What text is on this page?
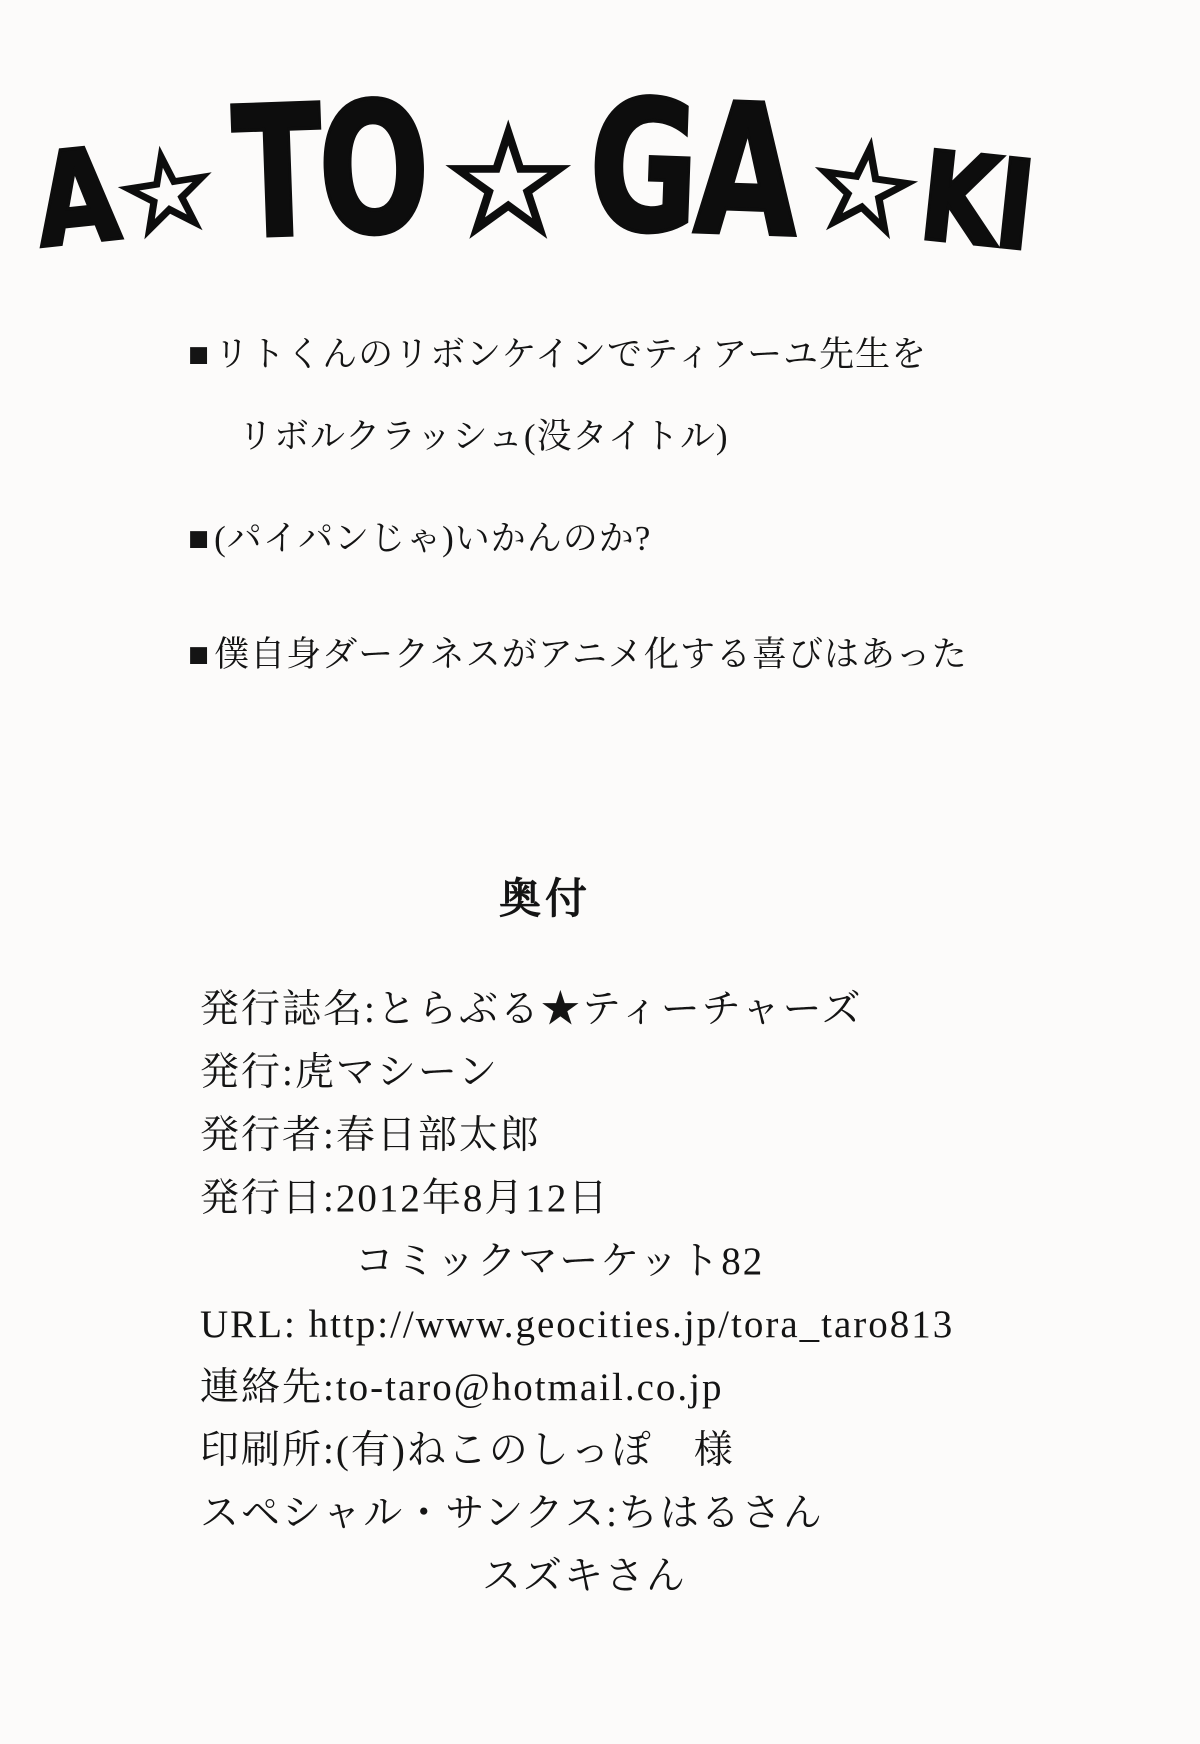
A
☆ TO ☆ GA ☆
KI
■ リトくんのリボンケインでティアーユ先生を
リボルクラッシュ(没タイトル)
■ (パイパンじゃ)いかんのか?
■ 僕自身ダークネスがアニメ化する喜びはあった
奥付
発行誌名:とらぶる★ティーチャーズ
発行:虎マシーン
発行者:春日部太郎
発行日:2012年8月12日
コミックマーケット82
URL: http://www.geocities.jp/tora_taro813
連絡先:to-taro@hotmail.co.jp
印刷所:(有)ねこのしっぽ　様
スペシャル・サンクス:ちはるさん
スズキさん
